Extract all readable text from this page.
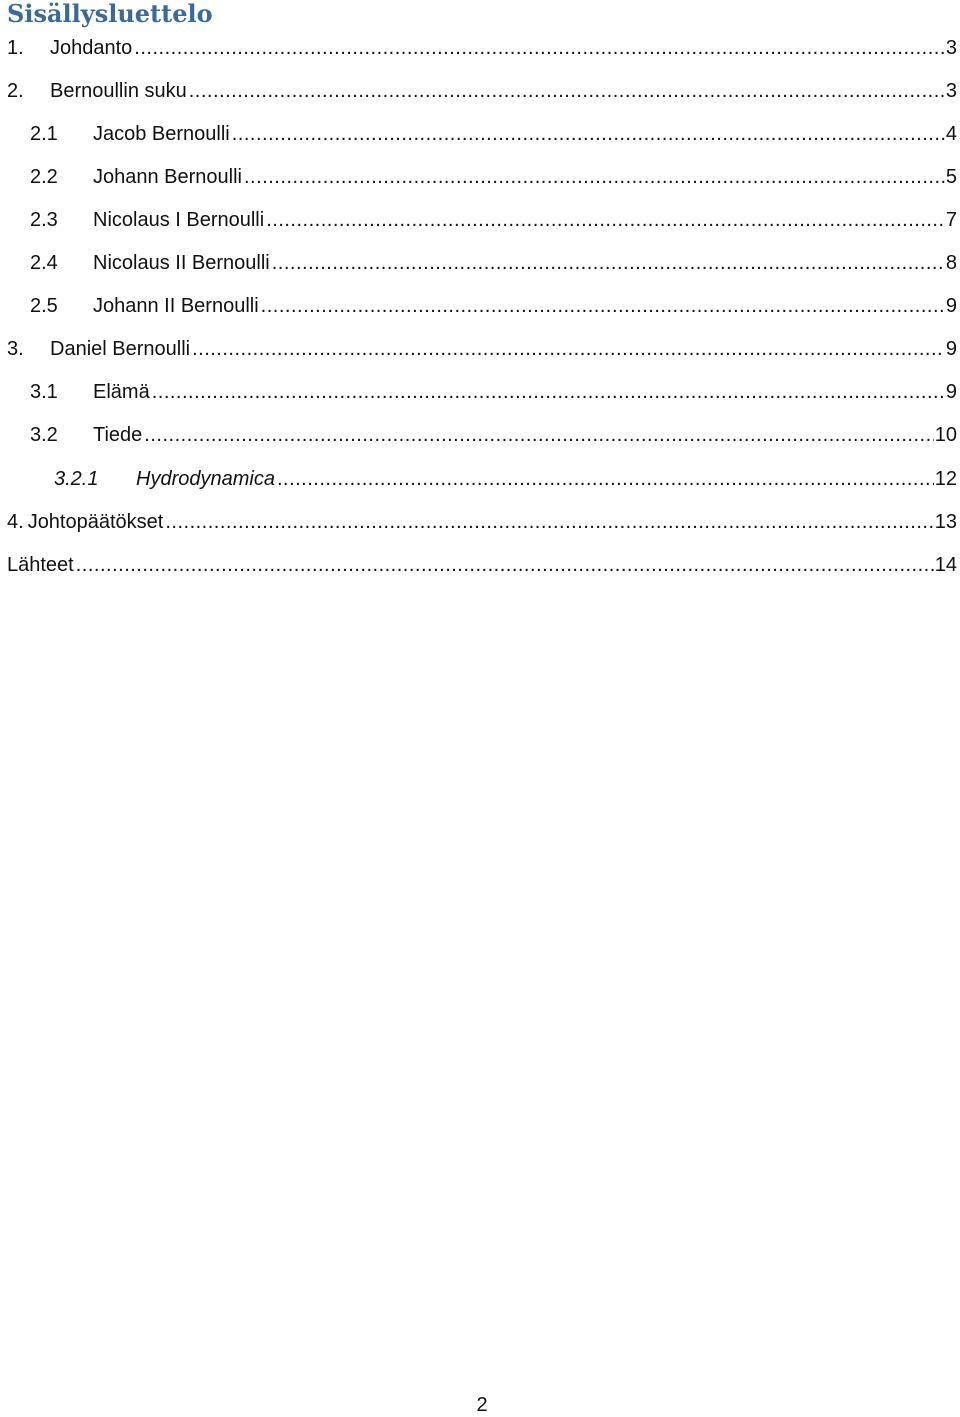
Sisällysluettelo
1.	Johdanto .....	3
2.	Bernoullin suku .....	3
2.1	Jacob Bernoulli .....	4
2.2	Johann Bernoulli .....	5
2.3	Nicolaus I Bernoulli .....	7
2.4	Nicolaus II Bernoulli .....	8
2.5	Johann II Bernoulli .....	9
3.	Daniel Bernoulli .....	9
3.1	Elämä .....	9
3.2	Tiede .....	10
3.2.1	Hydrodynamica .....	12
4. Johtopäätökset .....	13
Lähteet .....	14
2
